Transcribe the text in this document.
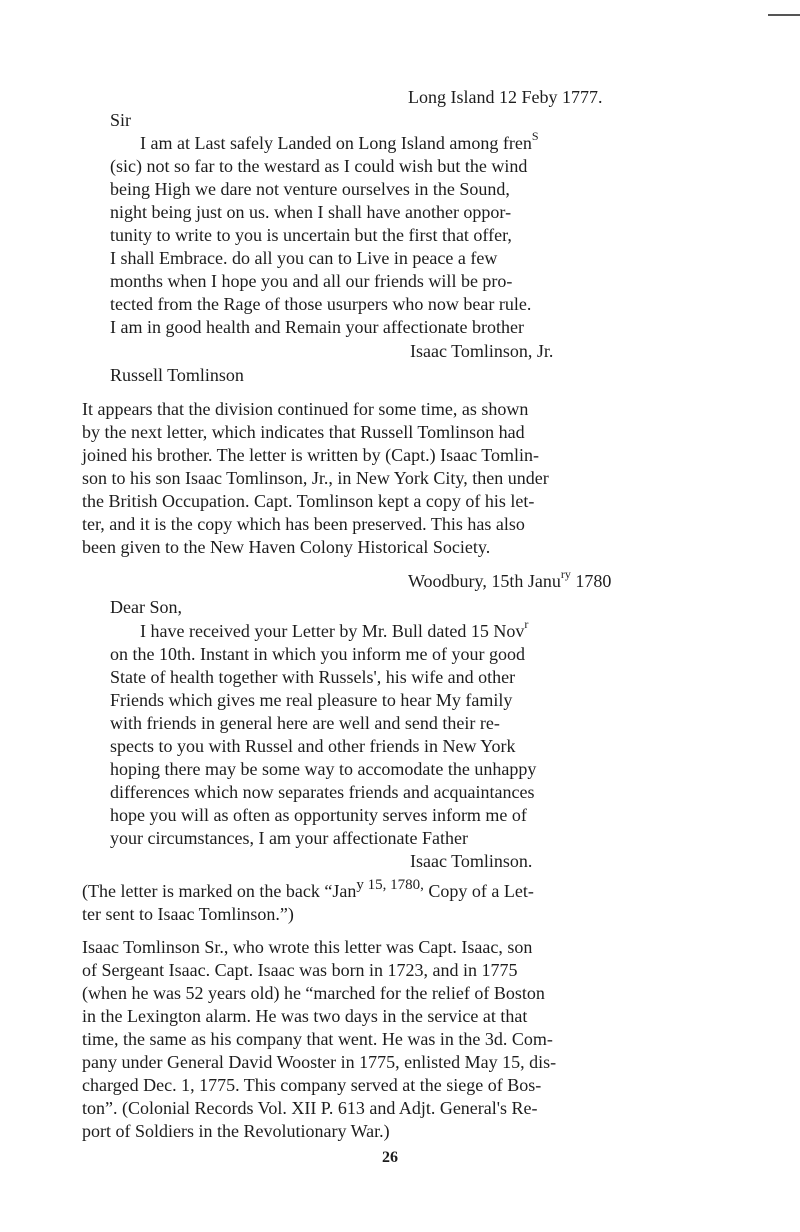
Long Island 12 Feby 1777.
Sir
I am at Last safely Landed on Long Island among fren$^S$
(sic) not so far to the westard as I could wish but the wind
being High we dare not venture ourselves in the Sound,
night being just on us. when I shall have another oppor-
tunity to write to you is uncertain but the first that offer,
I shall Embrace. do all you can to Live in peace a few
months when I hope you and all our friends will be pro-
tected from the Rage of those usurpers who now bear rule.
I am in good health and Remain your affectionate brother
Isaac Tomlinson, Jr.
Russell Tomlinson
It appears that the division continued for some time, as shown
by the next letter, which indicates that Russell Tomlinson had
joined his brother. The letter is written by (Capt.) Isaac Tomlin-
son to his son Isaac Tomlinson, Jr., in New York City, then under
the British Occupation. Capt. Tomlinson kept a copy of his let-
ter, and it is the copy which has been preserved. This has also
been given to the New Haven Colony Historical Society.
Woodbury, 15th Janu$^{ry}$ 1780
Dear Son,
I have received your Letter by Mr. Bull dated 15 Nov$^r$
on the 10th. Instant in which you inform me of your good
State of health together with Russels', his wife and other
Friends which gives me real pleasure to hear My family
with friends in general here are well and send their re-
spects to you with Russel and other friends in New York
hoping there may be some way to accomodate the unhappy
differences which now separates friends and acquaintances
hope you will as often as opportunity serves inform me of
your circumstances, I am your affectionate Father
Isaac Tomlinson.
(The letter is marked on the back “Jan$^{y 15, 1780,}$ Copy of a Let-
ter sent to Isaac Tomlinson.”)
Isaac Tomlinson Sr., who wrote this letter was Capt. Isaac, son
of Sergeant Isaac. Capt. Isaac was born in 1723, and in 1775
(when he was 52 years old) he “marched for the relief of Boston
in the Lexington alarm. He was two days in the service at that
time, the same as his company that went. He was in the 3d. Com-
pany under General David Wooster in 1775, enlisted May 15, dis-
charged Dec. 1, 1775. This company served at the siege of Bos-
ton”. (Colonial Records Vol. XII P. 613 and Adjt. General's Re-
port of Soldiers in the Revolutionary War.)
26
